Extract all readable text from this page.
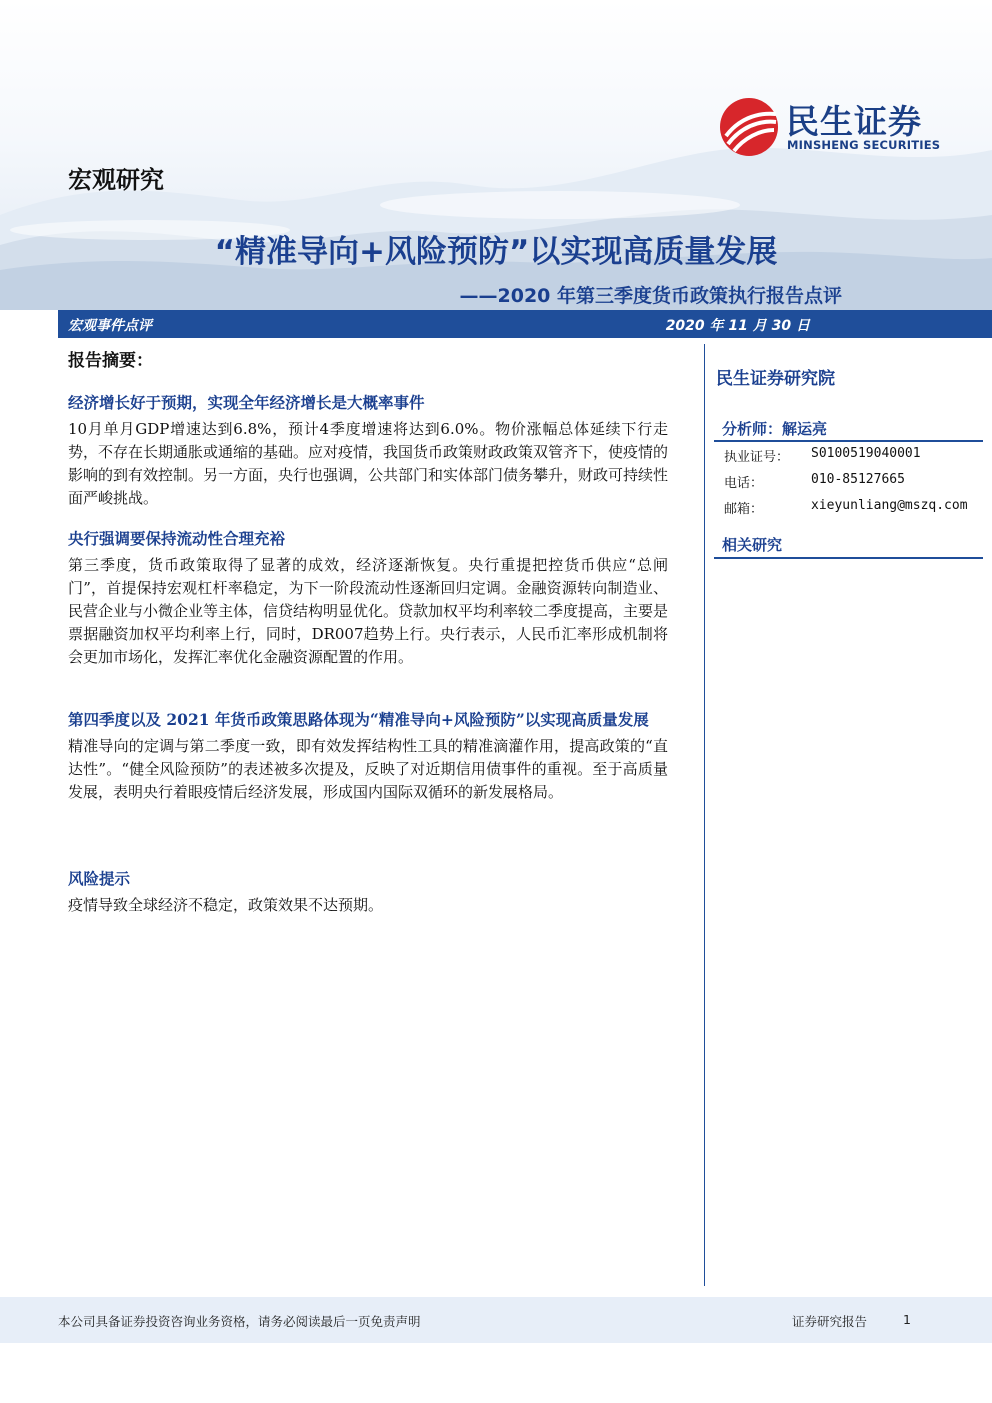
宏观研究
民生证券
MINSHENG SECURITIES
“精准导向+风险预防”以实现高质量发展
——2020 年第三季度货币政策执行报告点评
宏观事件点评	2020 年 11 月 30 日
报告摘要：
经济增长好于预期，实现全年经济增长是大概率事件
10月单月GDP增速达到6.8%，预计4季度增速将达到6.0%。物价涨幅总体延续下行走势，不存在长期通胀或通缩的基础。应对疫情，我国货币政策财政政策双管齐下，使疫情的影响的到有效控制。另一方面，央行也强调，公共部门和实体部门债务攀升，财政可持续性面严峻挑战。
央行强调要保持流动性合理充裕
第三季度，货币政策取得了显著的成效，经济逐渐恢复。央行重提把控货币供应“总闸门”，首提保持宏观杠杆率稳定，为下一阶段流动性逐渐回归定调。金融资源转向制造业、民营企业与小微企业等主体，信贷结构明显优化。贷款加权平均利率较二季度提高，主要是票据融资加权平均利率上行，同时，DR007趋势上行。央行表示，人民币汇率形成机制将会更加市场化，发挥汇率优化金融资源配置的作用。
第四季度以及 2021 年货币政策思路体现为“精准导向+风险预防”以实现高质量发展
精准导向的定调与第二季度一致，即有效发挥结构性工具的精准滴灌作用，提高政策的“直达性”。“健全风险预防”的表述被多次提及，反映了对近期信用债事件的重视。至于高质量发展，表明央行着眼疫情后经济发展，形成国内国际双循环的新发展格局。
风险提示
疫情导致全球经济不稳定，政策效果不达预期。
民生证券研究院
分析师：解运亮
执业证号： S0100519040001
电话：	010-85127665
邮箱：	xieyunliang@mszq.com
相关研究
本公司具备证券投资咨询业务资格，请务必阅读最后一页免责声明	证券研究报告	1
